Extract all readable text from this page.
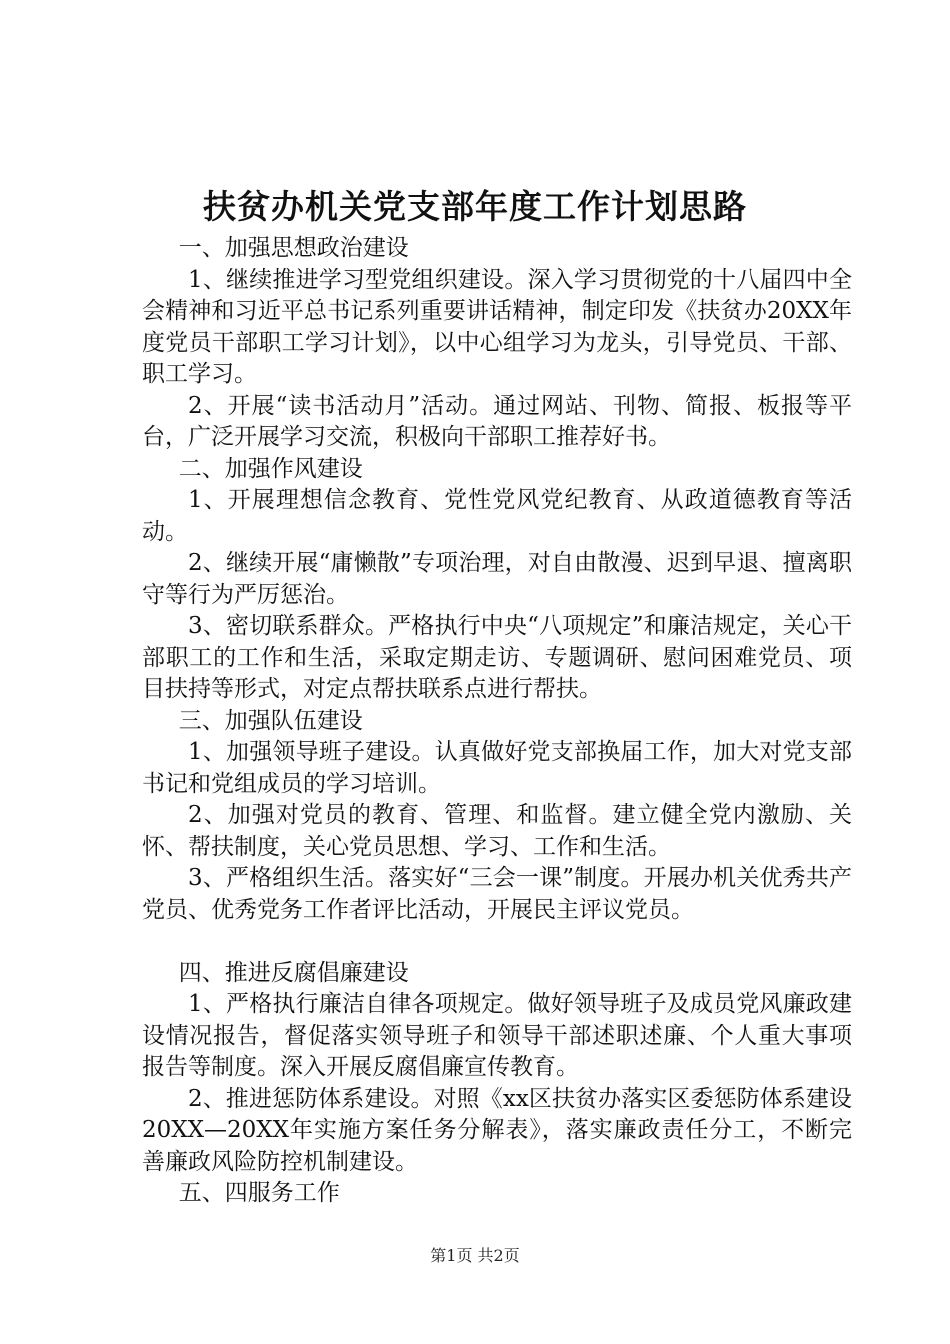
扶贫办机关党支部年度工作计划思路

一、加强思想政治建设

1、继续推进学习型党组织建设。深入学习贯彻党的十八届四中全会精神和习近平总书记系列重要讲话精神，制定印发《扶贫办20XX年度党员干部职工学习计划》，以中心组学习为龙头，引导党员、干部、职工学习。

2、开展“读书活动月”活动。通过网站、刊物、简报、板报等平台，广泛开展学习交流，积极向干部职工推荐好书。

二、加强作风建设

1、开展理想信念教育、党性党风党纪教育、从政道德教育等活动。

2、继续开展“庸懒散”专项治理，对自由散漫、迟到早退、擅离职守等行为严厉惩治。

3、密切联系群众。严格执行中央“八项规定”和廉洁规定，关心干部职工的工作和生活，采取定期走访、专题调研、慰问困难党员、项目扶持等形式，对定点帮扶联系点进行帮扶。

三、加强队伍建设

1、加强领导班子建设。认真做好党支部换届工作，加大对党支部书记和党组成员的学习培训。

2、加强对党员的教育、管理、和监督。建立健全党内激励、关怀、帮扶制度，关心党员思想、学习、工作和生活。

3、严格组织生活。落实好“三会一课”制度。开展办机关优秀共产党员、优秀党务工作者评比活动，开展民主评议党员。

四、推进反腐倡廉建设

1、严格执行廉洁自律各项规定。做好领导班子及成员党风廉政建设情况报告，督促落实领导班子和领导干部述职述廉、个人重大事项报告等制度。深入开展反腐倡廉宣传教育。

2、推进惩防体系建设。对照《xx区扶贫办落实区委惩防体系建设20XX—20XX年实施方案任务分解表》，落实廉政责任分工，不断完善廉政风险防控机制建设。

五、四服务工作

第1页 共2页
